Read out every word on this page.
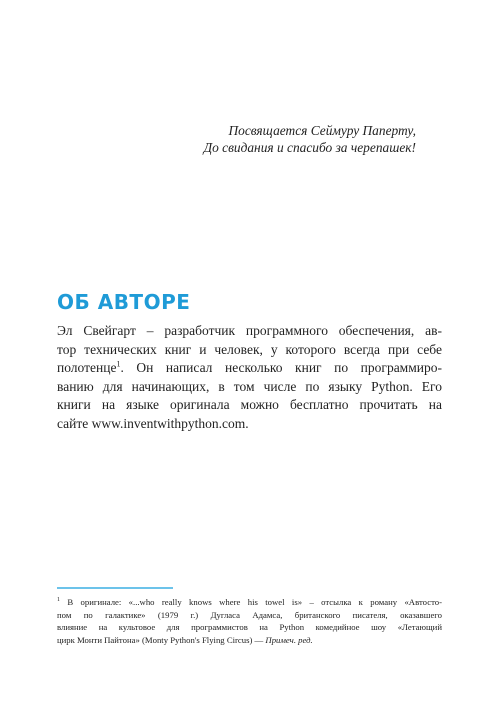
Посвящается Сеймуру Паперту,
До свидания и спасибо за черепашек!
ОБ АВТОРЕ
Эл Свейгарт – разработчик программного обеспечения, ав-
тор технических книг и человек, у которого всегда при себе
полотенце$^1$. Он написал несколько книг по программиро-
ванию для начинающих, в том числе по языку Python. Его
книги на языке оригинала можно бесплатно прочитать на
сайте www.inventwithpython.com.
$^1$ В оригинале: «...who really knows where his towel is» – отсылка к роману «Автосто-
пом по галактике» (1979 г.) Дугласа Адамса, британского писателя, оказавшего
влияние на культовое для программистов на Python комедийное шоу «Летающий
цирк Монти Пайтона» (Monty Python's Flying Circus) — Примеч. ред.
